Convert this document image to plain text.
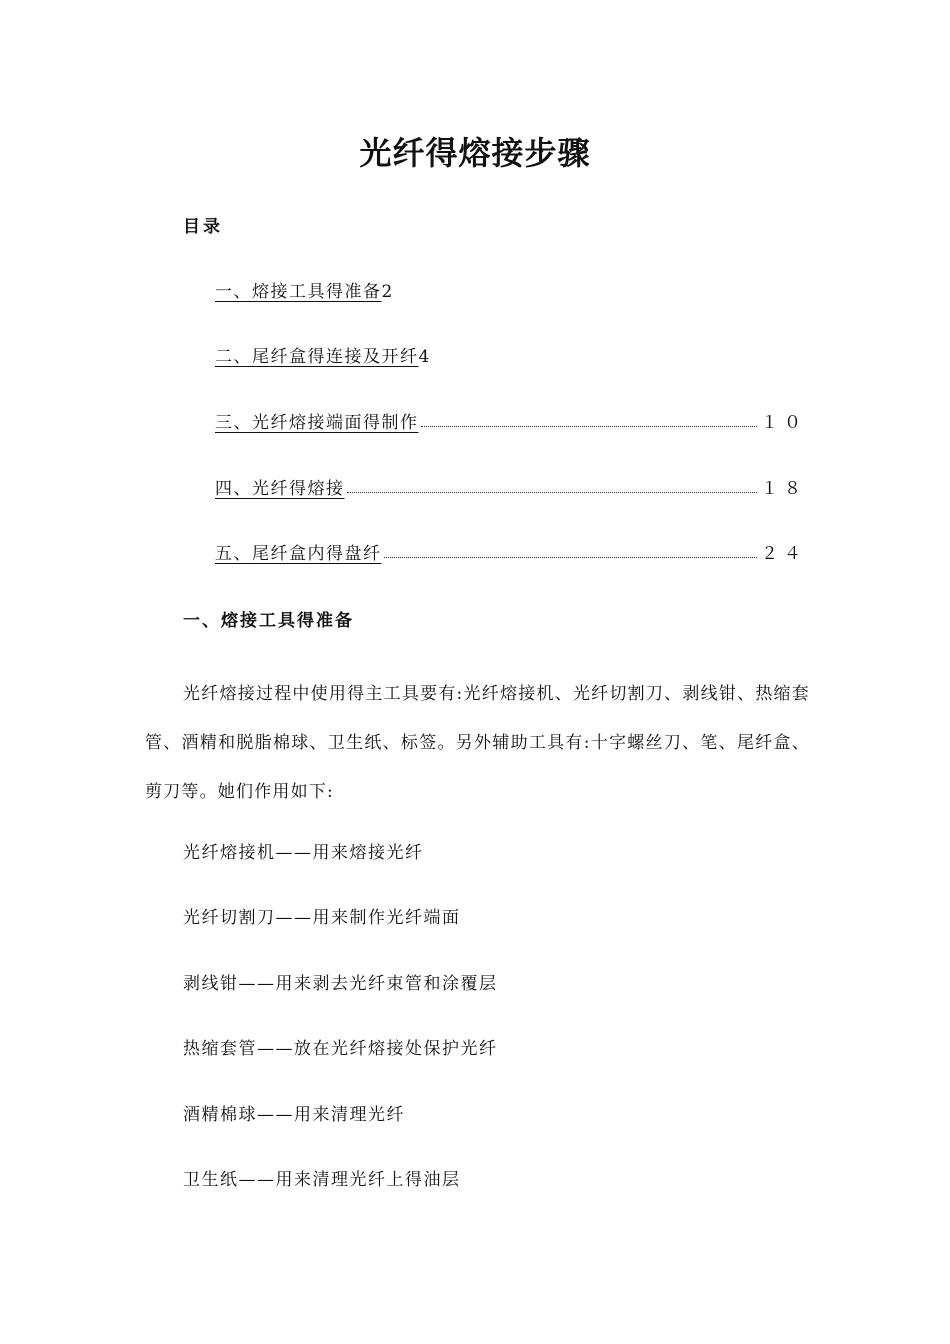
光纤得熔接步骤
目录
一、熔接工具得准备 2
二、尾纤盒得连接及开纤 4
三、光纤熔接端面得制作	１０
四、光纤得熔接	１８
五、尾纤盒内得盘纤	２４
一、熔接工具得准备
光纤熔接过程中使用得主工具要有:光纤熔接机、光纤切割刀、剥线钳、热缩套管、酒精和脱脂棉球、卫生纸、标签。另外辅助工具有:十字螺丝刀、笔、尾纤盒、剪刀等。她们作用如下:
光纤熔接机——用来熔接光纤
光纤切割刀——用来制作光纤端面
剥线钳——用来剥去光纤束管和涂覆层
热缩套管——放在光纤熔接处保护光纤
酒精棉球——用来清理光纤
卫生纸——用来清理光纤上得油层
